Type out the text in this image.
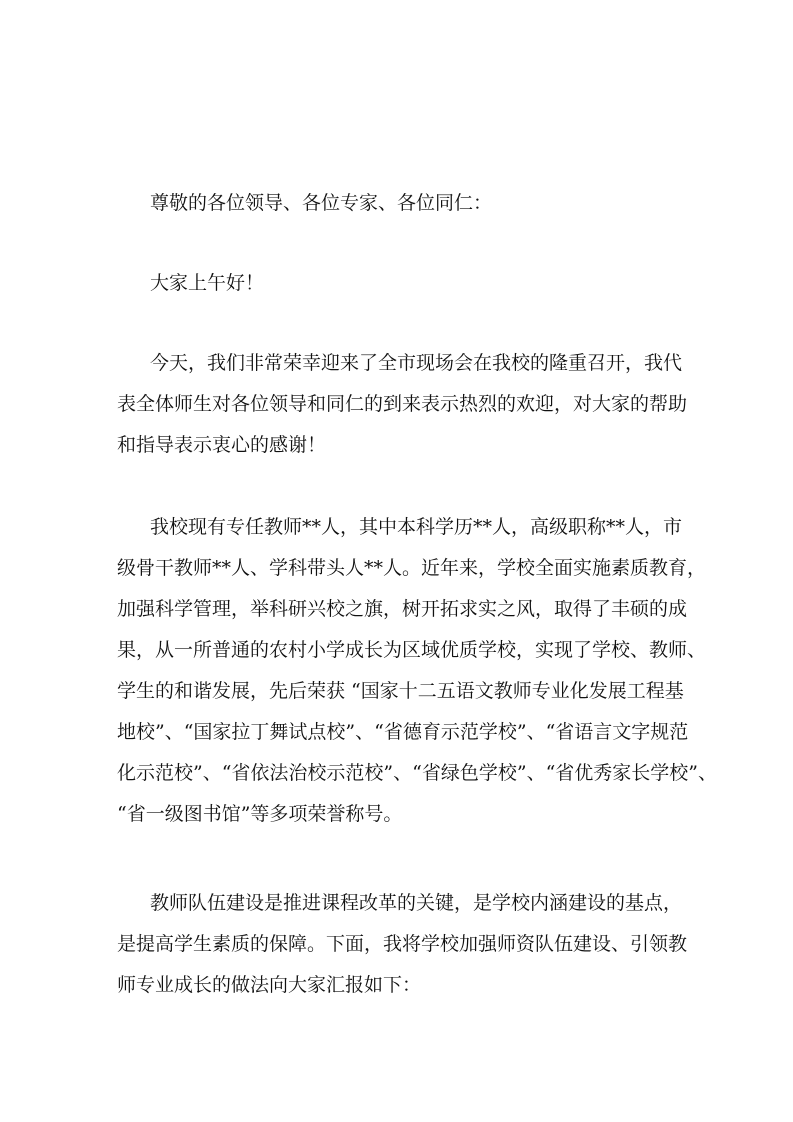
尊敬的各位领导、各位专家、各位同仁：
大家上午好！
今天，我们非常荣幸迎来了全市现场会在我校的隆重召开，我代
表全体师生对各位领导和同仁的到来表示热烈的欢迎，对大家的帮助
和指导表示衷心的感谢！
我校现有专任教师**人，其中本科学历**人，高级职称**人，市
级骨干教师**人、学科带头人**人。近年来，学校全面实施素质教育，
加强科学管理，举科研兴校之旗，树开拓求实之风，取得了丰硕的成
果，从一所普通的农村小学成长为区域优质学校，实现了学校、教师、
学生的和谐发展，先后荣获 “国家十二五语文教师专业化发展工程基
地校”、“国家拉丁舞试点校”、“省德育示范学校”、“省语言文字规范
化示范校”、“省依法治校示范校”、“省绿色学校”、“省优秀家长学校”、
“省一级图书馆”等多项荣誉称号。
教师队伍建设是推进课程改革的关键，是学校内涵建设的基点，
是提高学生素质的保障。下面，我将学校加强师资队伍建设、引领教
师专业成长的做法向大家汇报如下：
